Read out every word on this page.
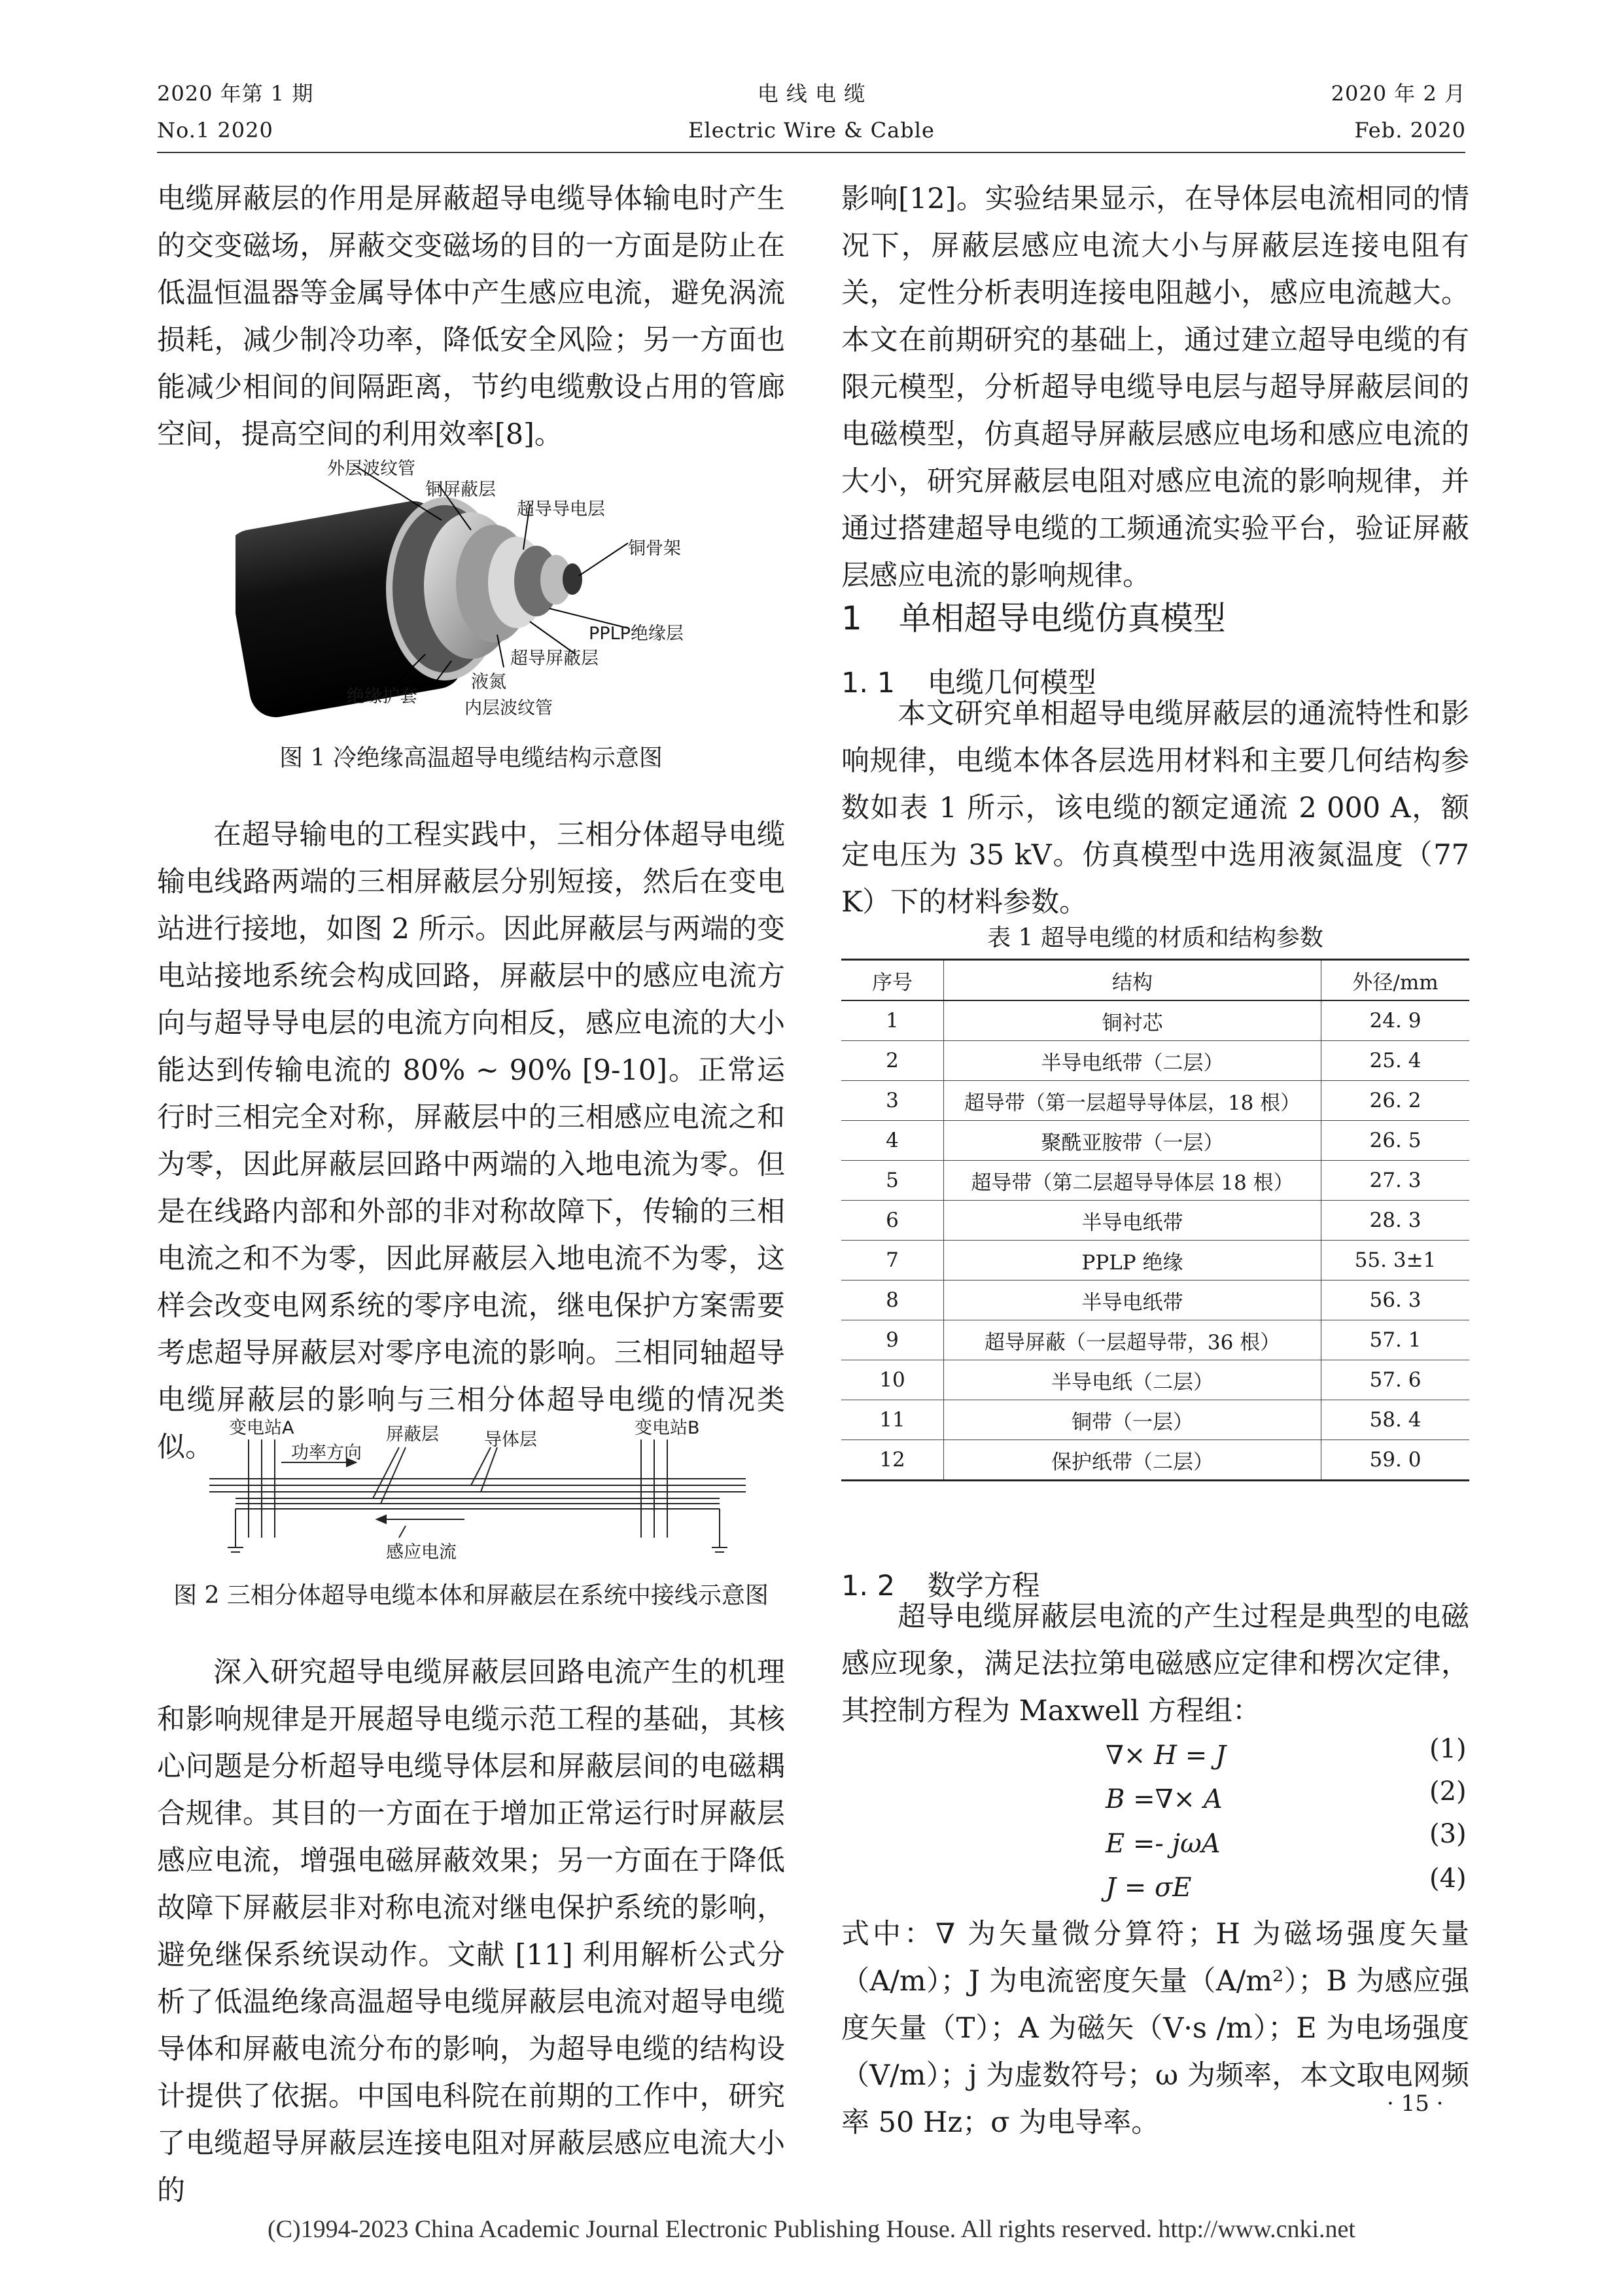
2020 年第 1 期
No.1 2020
电 线 电 缆
Electric Wire & Cable
2020 年 2 月
Feb. 2020

电缆屏蔽层的作用是屏蔽超导电缆导体输电时产生的交变磁场，屏蔽交变磁场的目的一方面是防止在低温恒温器等金属导体中产生感应电流，避免涡流损耗，减少制冷功率，降低安全风险；另一方面也能减少相间的间隔距离，节约电缆敷设占用的管廊空间，提高空间的利用效率[8]。

外层波纹管
铜屏蔽层
超导导电层
铜骨架
PPLP绝缘层
超导屏蔽层
液氮
绝缘护套
内层波纹管
图 1 冷绝缘高温超导电缆结构示意图

在超导输电的工程实践中，三相分体超导电缆输电线路两端的三相屏蔽层分别短接，然后在变电站进行接地，如图 2 所示。因此屏蔽层与两端的变电站接地系统会构成回路，屏蔽层中的感应电流方向与超导导电层的电流方向相反，感应电流的大小能达到传输电流的 80% ~ 90% [9-10]。正常运行时三相完全对称，屏蔽层中的三相感应电流之和为零，因此屏蔽层回路中两端的入地电流为零。但是在线路内部和外部的非对称故障下，传输的三相电流之和不为零，因此屏蔽层入地电流不为零，这样会改变电网系统的零序电流，继电保护方案需要考虑超导屏蔽层对零序电流的影响。三相同轴超导电缆屏蔽层的影响与三相分体超导电缆的情况类似。

变电站A	变电站B
功率方向
屏蔽层	导体层
感应电流
图 2 三相分体超导电缆本体和屏蔽层在系统中接线示意图

深入研究超导电缆屏蔽层回路电流产生的机理和影响规律是开展超导电缆示范工程的基础，其核心问题是分析超导电缆导体层和屏蔽层间的电磁耦合规律。其目的一方面在于增加正常运行时屏蔽层感应电流，增强电磁屏蔽效果；另一方面在于降低故障下屏蔽层非对称电流对继电保护系统的影响，避免继保系统误动作。文献 [11] 利用解析公式分析了低温绝缘高温超导电缆屏蔽层电流对超导电缆导体和屏蔽电流分布的影响，为超导电缆的结构设计提供了依据。中国电科院在前期的工作中，研究了电缆超导屏蔽层连接电阻对屏蔽层感应电流大小的

影响[12]。实验结果显示，在导体层电流相同的情况下，屏蔽层感应电流大小与屏蔽层连接电阻有关，定性分析表明连接电阻越小，感应电流越大。本文在前期研究的基础上，通过建立超导电缆的有限元模型，分析超导电缆导电层与超导屏蔽层间的电磁模型，仿真超导屏蔽层感应电场和感应电流的大小，研究屏蔽层电阻对感应电流的影响规律，并通过搭建超导电缆的工频通流实验平台，验证屏蔽层感应电流的影响规律。

1 单相超导电缆仿真模型
1. 1 电缆几何模型

本文研究单相超导电缆屏蔽层的通流特性和影响规律，电缆本体各层选用材料和主要几何结构参数如表 1 所示，该电缆的额定通流 2 000 A，额定电压为 35 kV。仿真模型中选用液氮温度（77 K）下的材料参数。

表 1 超导电缆的材质和结构参数
序号	结构	外径/mm
1	铜衬芯	24. 9
2	半导电纸带（二层）	25. 4
3	超导带（第一层超导导体层，18 根）	26. 2
4	聚酰亚胺带（一层）	26. 5
5	超导带（第二层超导导体层 18 根）	27. 3
6	半导电纸带	28. 3
7	PPLP 绝缘	55. 3±1
8	半导电纸带	56. 3
9	超导屏蔽（一层超导带，36 根）	57. 1
10	半导电纸（二层）	57. 6
11	铜带（一层）	58. 4
12	保护纸带（二层）	59. 0
1. 2 数学方程

超导电缆屏蔽层电流的产生过程是典型的电磁感应现象，满足法拉第电磁感应定律和楞次定律，其控制方程为 Maxwell 方程组：

∇× H = J	(1)
B =∇× A	(2)
E =- jωA	(3)
J = σE	(4)

式中：∇ 为矢量微分算符；H 为磁场强度矢量（A/m）；J 为电流密度矢量（A/m²）；B 为感应强度矢量（T）；A 为磁矢（V·s /m）；E 为电场强度（V/m）；j 为虚数符号；ω 为频率，本文取电网频率 50 Hz；σ 为电导率。

· 15 ·
(C)1994-2023 China Academic Journal Electronic Publishing House. All rights reserved. http://www.cnki.net
